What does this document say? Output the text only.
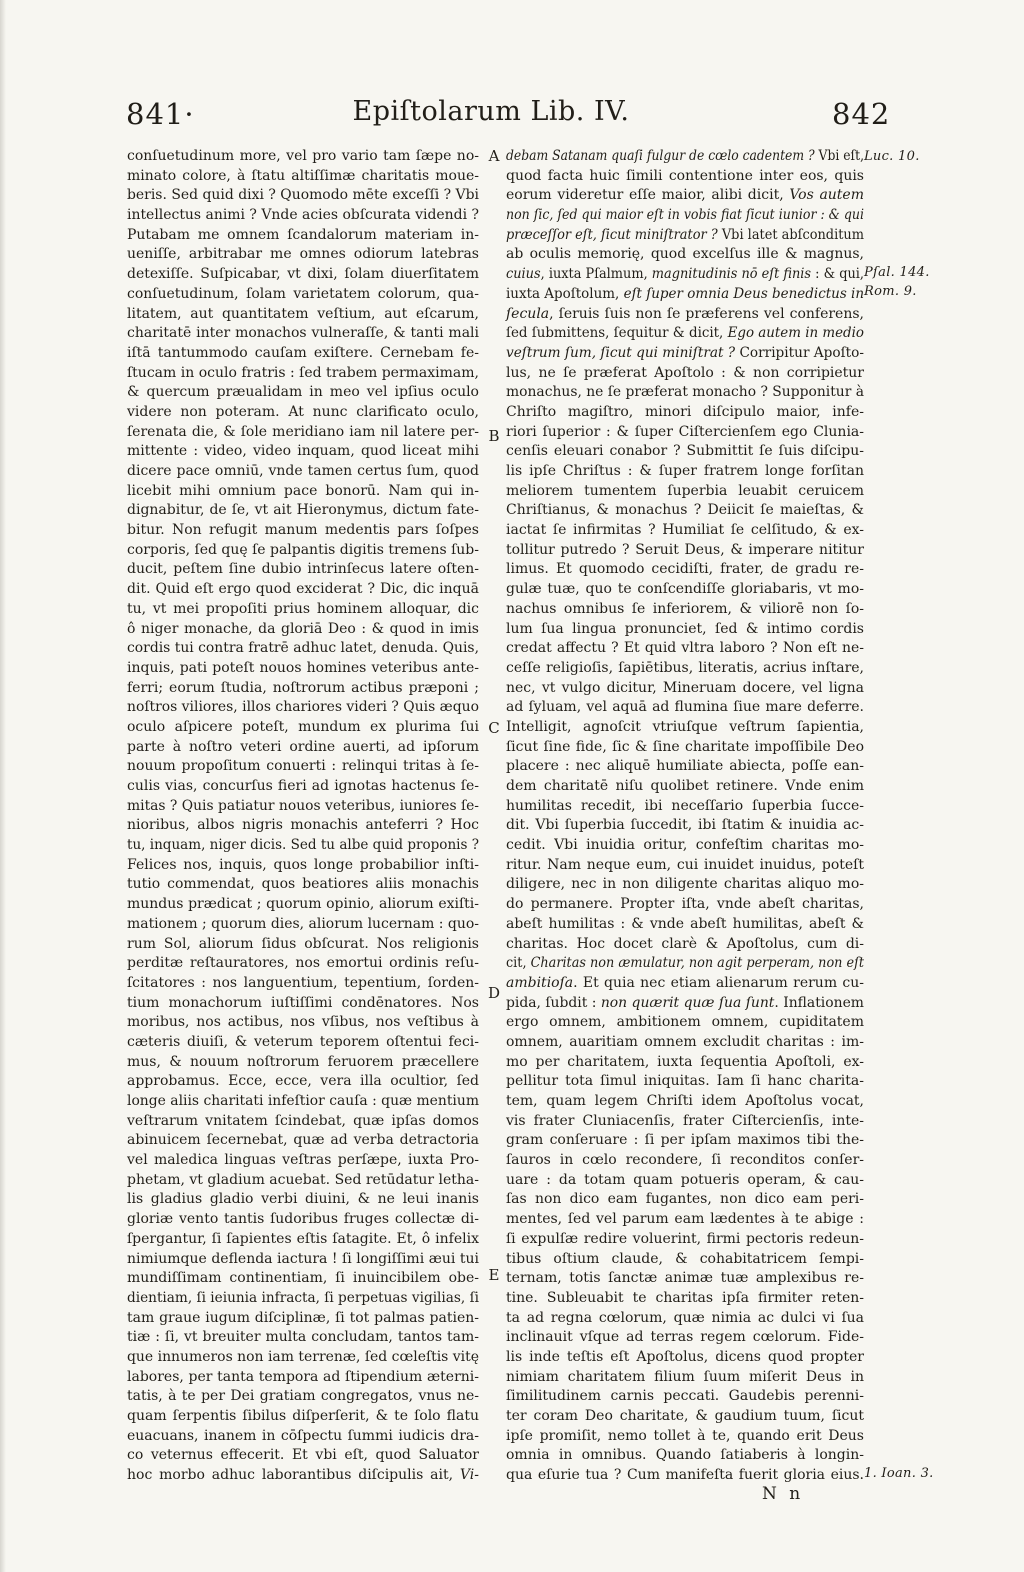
841·	Epiſtolarum Lib. IV.	842
A
B
C
D
E
Luc. 10.
Pſal. 144.
Rom. 9.
1. Ioan. 3.
conſuetudinum more, vel pro vario tam ſæpe no-
minato colore, à ſtatu altiſſimæ charitatis moue-
beris. Sed quid dixi ? Quomodo mēte exceſſi ? Vbi
intellectus animi ? Vnde acies obſcurata videndi ?
Putabam me omnem ſcandalorum materiam in-
ueniſſe, arbitrabar me omnes odiorum latebras
detexiſſe. Suſpicabar, vt dixi, ſolam diuerſitatem
conſuetudinum, ſolam varietatem colorum, qua-
litatem, aut quantitatem veſtium, aut eſcarum,
charitatē inter monachos vulneraſſe, & tanti mali
iſtā tantummodo cauſam exiſtere. Cernebam fe-
ſtucam in oculo fratris : ſed trabem permaximam,
& quercum præualidam in meo vel ipſius oculo
videre non poteram. At nunc clarificato oculo,
ſerenata die, & ſole meridiano iam nil latere per-
mittente : video, video inquam, quod liceat mihi
dicere pace omniū, vnde tamen certus ſum, quod
licebit mihi omnium pace bonorū. Nam qui in-
dignabitur, de ſe, vt ait Hieronymus, dictum fate-
bitur. Non refugit manum medentis pars ſoſpes
corporis, ſed quę ſe palpantis digitis tremens ſub-
ducit, peſtem ſine dubio intrinſecus latere oſten-
dit. Quid eſt ergo quod exciderat ? Dic, dic inquā
tu, vt mei propoſiti prius hominem alloquar, dic
ô niger monache, da gloriā Deo : & quod in imis
cordis tui contra fratrē adhuc latet, denuda. Quis,
inquis, pati poteſt nouos homines veteribus ante-
ferri; eorum ſtudia, noſtrorum actibus præponi ;
noſtros viliores, illos chariores videri ? Quis æquo
oculo aſpicere poteſt, mundum ex plurima ſui
parte à noſtro veteri ordine auerti, ad ipſorum
nouum propoſitum conuerti : relinqui tritas à ſe-
culis vias, concurſus fieri ad ignotas hactenus ſe-
mitas ? Quis patiatur nouos veteribus, iuniores ſe-
nioribus, albos nigris monachis anteferri ? Hoc
tu, inquam, niger dicis. Sed tu albe quid proponis ?
Felices nos, inquis, quos longe probabilior inſti-
tutio commendat, quos beatiores aliis monachis
mundus prædicat ; quorum opinio, aliorum exiſti-
mationem ; quorum dies, aliorum lucernam : quo-
rum Sol, aliorum ſidus obſcurat. Nos religionis
perditæ reſtauratores, nos emortui ordinis reſu-
ſcitatores : nos languentium, tepentium, ſorden-
tium monachorum iuſtiſſimi condēnatores. Nos
moribus, nos actibus, nos vſibus, nos veſtibus à
cæteris diuiſi, & veterum teporem oſtentui feci-
mus, & nouum noſtrorum feruorem præcellere
approbamus. Ecce, ecce, vera illa ocultior, ſed
longe aliis charitati infeſtior cauſa : quæ mentium
veſtrarum vnitatem ſcindebat, quæ ipſas domos
abinuicem ſecernebat, quæ ad verba detractoria
vel maledica linguas veſtras perſæpe, iuxta Pro-
phetam, vt gladium acuebat. Sed retūdatur letha-
lis gladius gladio verbi diuini, & ne leui inanis
gloriæ vento tantis ſudoribus fruges collectæ di-
ſpergantur, ſi ſapientes eſtis ſatagite. Et, ô infelix
nimiumque deflenda iactura ! ſi longiſſimi æui tui
mundiſſimam continentiam, ſi inuincibilem obe-
dientiam, ſi ieiunia infracta, ſi perpetuas vigilias, ſi
tam graue iugum diſciplinæ, ſi tot palmas patien-
tiæ : ſi, vt breuiter multa concludam, tantos tam-
que innumeros non iam terrenæ, ſed cœleſtis vitę
labores, per tanta tempora ad ſtipendium æterni-
tatis, à te per Dei gratiam congregatos, vnus ne-
quam ſerpentis ſibilus diſperſerit, & te ſolo flatu
euacuans, inanem in cōſpectu ſummi iudicis dra-
co veternus effecerit. Et vbi eſt, quod Saluator
hoc morbo adhuc laborantibus diſcipulis ait, Vi-
debam Satanam quaſi fulgur de cœlo cadentem ? Vbi eſt,
quod facta huic ſimili contentione inter eos, quis
eorum videretur eſſe maior, alibi dicit, Vos autem
non ſic, ſed qui maior eſt in vobis fiat ſicut iunior : & qui
præceſſor eſt, ſicut miniſtrator ? Vbi latet abſconditum
ab oculis memorię, quod excelſus ille & magnus,
cuius, iuxta Pſalmum, magnitudinis nō eſt finis : & qui,
iuxta Apoſtolum, eſt ſuper omnia Deus benedictus in
ſecula, ſeruis ſuis non ſe præferens vel conferens,
ſed ſubmittens, ſequitur & dicit, Ego autem in medio
veſtrum ſum, ſicut qui miniſtrat ? Corripitur Apoſto-
lus, ne ſe præferat Apoſtolo : & non corripietur
monachus, ne ſe præferat monacho ? Supponitur à
Chriſto magiſtro, minori diſcipulo maior, infe-
riori ſuperior : & ſuper Ciſtercienſem ego Clunia-
cenſis eleuari conabor ? Submittit ſe ſuis diſcipu-
lis ipſe Chriſtus : & ſuper fratrem longe forſitan
meliorem tumentem ſuperbia leuabit ceruicem
Chriſtianus, & monachus ? Deiicit ſe maieſtas, &
iactat ſe infirmitas ? Humiliat ſe celſitudo, & ex-
tollitur putredo ? Seruit Deus, & imperare nititur
limus. Et quomodo cecidiſti, frater, de gradu re-
gulæ tuæ, quo te conſcendiſſe gloriabaris, vt mo-
nachus omnibus ſe inferiorem, & viliorē non ſo-
lum ſua lingua pronunciet, ſed & intimo cordis
credat affectu ? Et quid vltra laboro ? Non eſt ne-
ceſſe religioſis, ſapiētibus, literatis, acrius inſtare,
nec, vt vulgo dicitur, Mineruam docere, vel ligna
ad ſyluam, vel aquā ad flumina ſiue mare deferre.
Intelligit, agnoſcit vtriuſque veſtrum ſapientia,
ſicut ſine fide, ſic & ſine charitate impoſſibile Deo
placere : nec aliquē humiliate abiecta, poſſe ean-
dem charitatē niſu quolibet retinere. Vnde enim
humilitas recedit, ibi neceſſario ſuperbia ſucce-
dit. Vbi ſuperbia ſuccedit, ibi ſtatim & inuidia ac-
cedit. Vbi inuidia oritur, confeſtim charitas mo-
ritur. Nam neque eum, cui inuidet inuidus, poteſt
diligere, nec in non diligente charitas aliquo mo-
do permanere. Propter iſta, vnde abeſt charitas,
abeſt humilitas : & vnde abeſt humilitas, abeſt &
charitas. Hoc docet clarè & Apoſtolus, cum di-
cit, Charitas non æmulatur, non agit perperam, non eſt
ambitioſa. Et quia nec etiam alienarum rerum cu-
pida, ſubdit : non quærit quæ ſua ſunt. Inflationem
ergo omnem, ambitionem omnem, cupiditatem
omnem, auaritiam omnem excludit charitas : im-
mo per charitatem, iuxta ſequentia Apoſtoli, ex-
pellitur tota ſimul iniquitas. Iam ſi hanc charita-
tem, quam legem Chriſti idem Apoſtolus vocat,
vis frater Cluniacenſis, frater Ciſtercienſis, inte-
gram conſeruare : ſi per ipſam maximos tibi the-
ſauros in cœlo recondere, ſi reconditos conſer-
uare : da totam quam potueris operam, & cau-
ſas non dico eam fugantes, non dico eam peri-
mentes, ſed vel parum eam lædentes à te abige :
ſi expulſæ redire voluerint, firmi pectoris redeun-
tibus oſtium claude, & cohabitatricem ſempi-
ternam, totis ſanctæ animæ tuæ amplexibus re-
tine. Subleuabit te charitas ipſa firmiter reten-
ta ad regna cœlorum, quæ nimia ac dulci vi ſua
inclinauit vſque ad terras regem cœlorum. Fide-
lis inde teſtis eſt Apoſtolus, dicens quod propter
nimiam charitatem filium ſuum miſerit Deus in
ſimilitudinem carnis peccati. Gaudebis perenni-
ter coram Deo charitate, & gaudium tuum, ſicut
ipſe promiſit, nemo tollet à te, quando erit Deus
omnia in omnibus. Quando ſatiaberis à longin-
qua eſurie tua ? Cum manifeſta fuerit gloria eius.
N n
